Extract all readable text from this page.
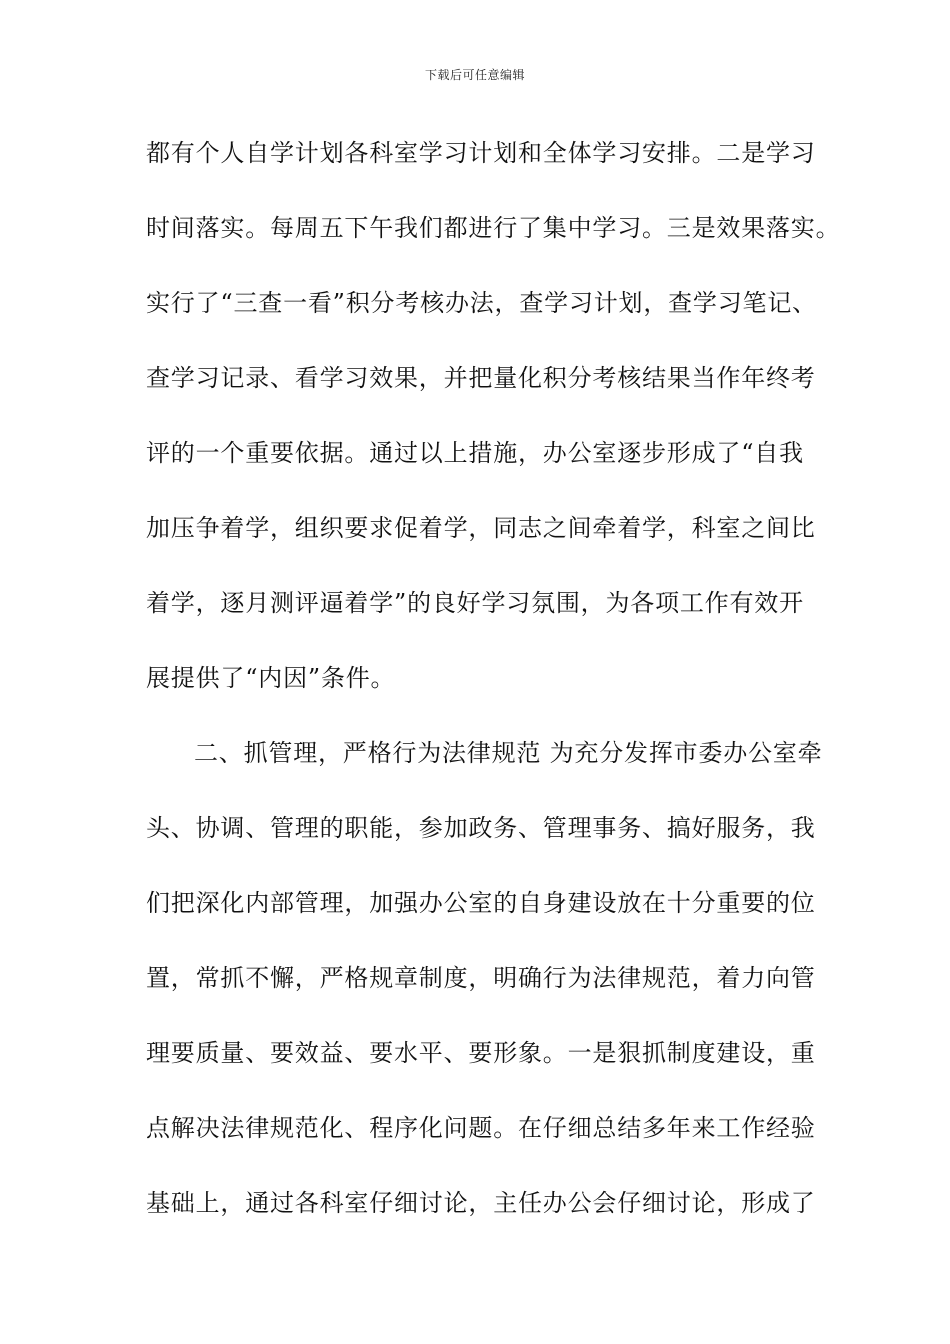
下载后可任意编辑
都有个人自学计划各科室学习计划和全体学习安排。二是学习
时间落实。每周五下午我们都进行了集中学习。三是效果落实。
实行了“三查一看”积分考核办法，查学习计划，查学习笔记、
查学习记录、看学习效果，并把量化积分考核结果当作年终考
评的一个重要依据。通过以上措施，办公室逐步形成了“自我
加压争着学，组织要求促着学，同志之间牵着学，科室之间比
着学，逐月测评逼着学”的良好学习氛围，为各项工作有效开
展提供了“内因”条件。
二、抓管理，严格行为法律规范 为充分发挥市委办公室牵
头、协调、管理的职能，参加政务、管理事务、搞好服务，我
们把深化内部管理，加强办公室的自身建设放在十分重要的位
置，常抓不懈，严格规章制度，明确行为法律规范，着力向管
理要质量、要效益、要水平、要形象。一是狠抓制度建设，重
点解决法律规范化、程序化问题。在仔细总结多年来工作经验
基础上，通过各科室仔细讨论，主任办公会仔细讨论，形成了
